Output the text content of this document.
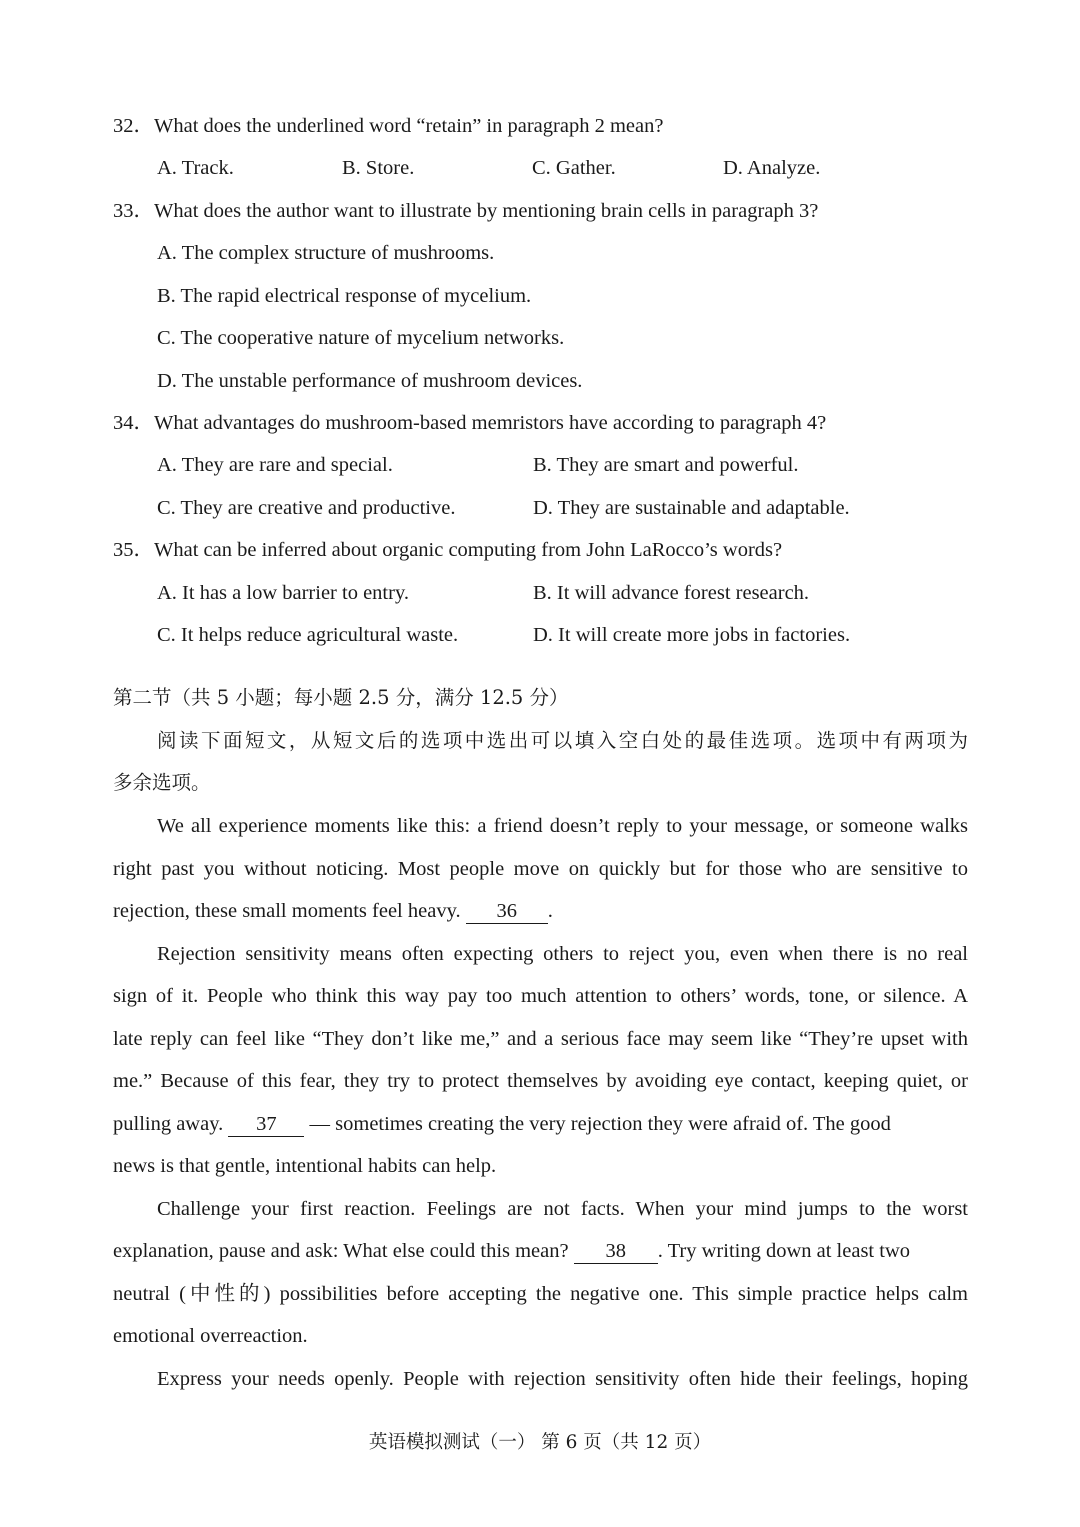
32．What does the underlined word “retain” in paragraph 2 mean?
A. Track.	B. Store.	C. Gather.	D. Analyze.
33．What does the author want to illustrate by mentioning brain cells in paragraph 3?
A. The complex structure of mushrooms.
B. The rapid electrical response of mycelium.
C. The cooperative nature of mycelium networks.
D. The unstable performance of mushroom devices.
34．What advantages do mushroom-based memristors have according to paragraph 4?
A. They are rare and special.	B. They are smart and powerful.
C. They are creative and productive.	D. They are sustainable and adaptable.
35．What can be inferred about organic computing from John LaRocco’s words?
A. It has a low barrier to entry.	B. It will advance forest research.
C. It helps reduce agricultural waste.	D. It will create more jobs in factories.
第二节（共 5 小题；每小题 2.5 分，满分 12.5 分）
阅读下面短文，从短文后的选项中选出可以填入空白处的最佳选项。选项中有两项为
多余选项。
We all experience moments like this: a friend doesn’t reply to your message, or someone walks
right past you without noticing. Most people move on quickly but for those who are sensitive to
rejection, these small moments feel heavy. 36 .
Rejection sensitivity means often expecting others to reject you, even when there is no real
sign of it. People who think this way pay too much attention to others’ words, tone, or silence. A
late reply can feel like “They don’t like me,” and a serious face may seem like “They’re upset with
me.” Because of this fear, they try to protect themselves by avoiding eye contact, keeping quiet, or
pulling away. 37 — sometimes creating the very rejection they were afraid of. The good
news is that gentle, intentional habits can help.
Challenge your first reaction. Feelings are not facts. When your mind jumps to the worst
explanation, pause and ask: What else could this mean? 38 . Try writing down at least two
neutral (中性的) possibilities before accepting the negative one. This simple practice helps calm
emotional overreaction.
Express your needs openly. People with rejection sensitivity often hide their feelings, hoping
英语模拟测试（一） 第 6 页（共 12 页）
